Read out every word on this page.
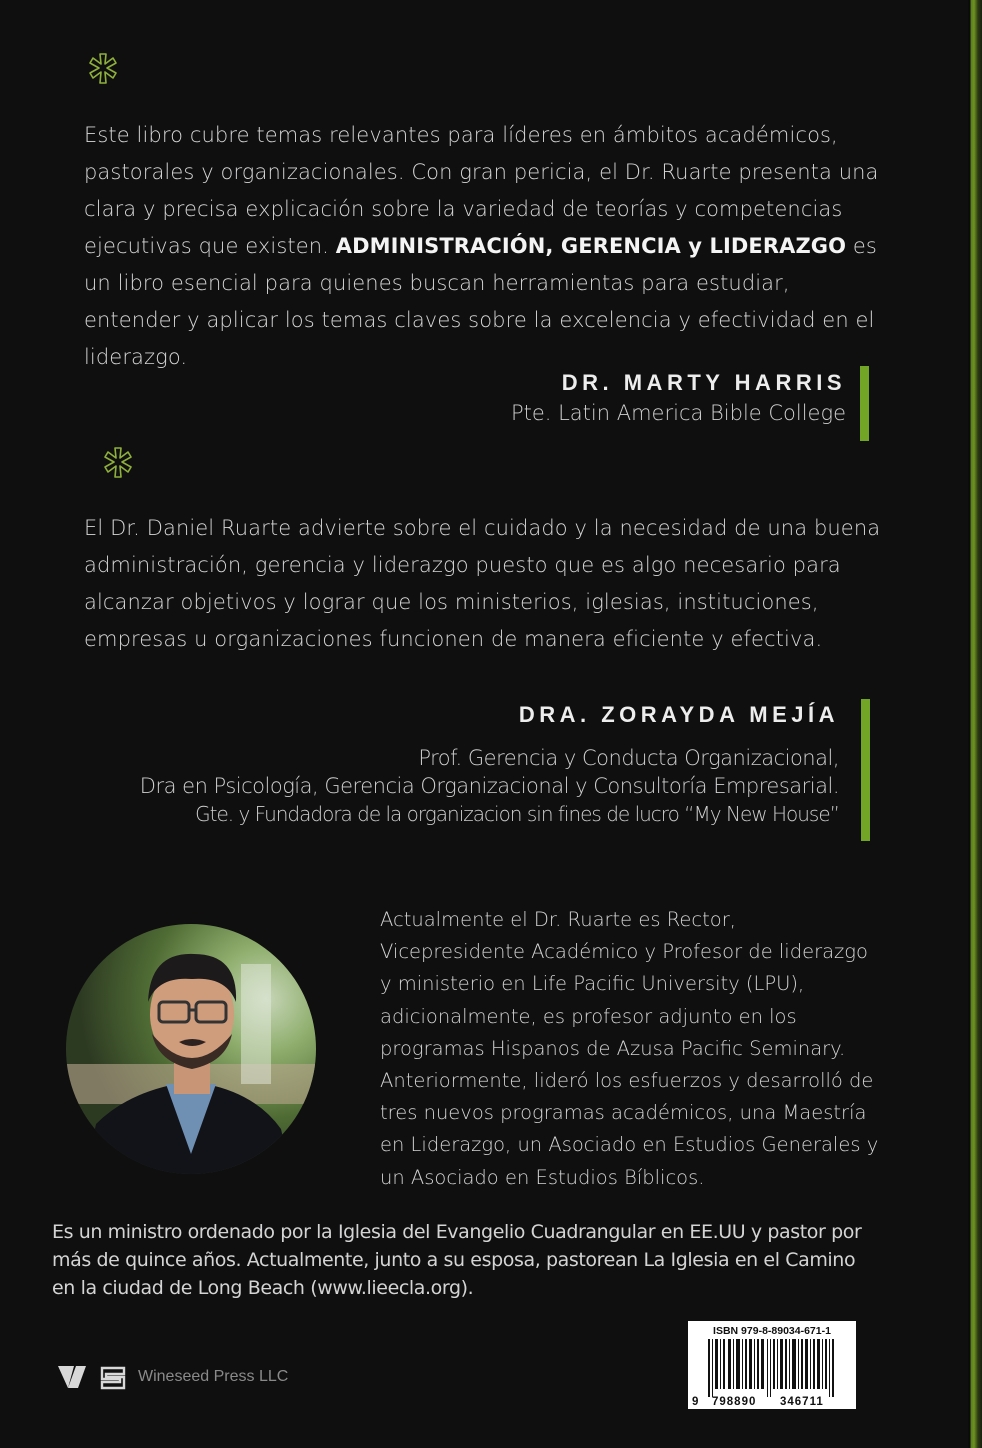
Este libro cubre temas relevantes para líderes en ámbitos académicos, pastorales y organizacionales. Con gran pericia, el Dr. Ruarte presenta una clara y precisa explicación sobre la variedad de teorías y competencias ejecutivas que existen. ADMINISTRACIÓN, GERENCIA y LIDERAZGO es un libro esencial para quienes buscan herramientas para estudiar, entender y aplicar los temas claves sobre la excelencia y efectividad en el liderazgo.

DR. MARTY HARRIS
Pte. Latin America Bible College

El Dr. Daniel Ruarte advierte sobre el cuidado y la necesidad de una buena administración, gerencia y liderazgo puesto que es algo necesario para alcanzar objetivos y lograr que los ministerios, iglesias, instituciones, empresas u organizaciones funcionen de manera eficiente y efectiva.

DRA. ZORAYDA MEJÍA
Prof. Gerencia y Conducta Organizacional,
Dra en Psicología, Gerencia Organizacional y Consultoría Empresarial.
Gte. y Fundadora de la organizacion sin fines de lucro “My New House”

Actualmente el Dr. Ruarte es Rector, Vicepresidente Académico y Profesor de liderazgo y ministerio en Life Pacific University (LPU), adicionalmente, es profesor adjunto en los programas Hispanos de Azusa Pacific Seminary. Anteriormente, lideró los esfuerzos y desarrolló de tres nuevos programas académicos, una Maestría en Liderazgo, un Asociado en Estudios Generales y un Asociado en Estudios Bíblicos.

Es un ministro ordenado por la Iglesia del Evangelio Cuadrangular en EE.UU y pastor por más de quince años. Actualmente, junto a su esposa, pastorean La Iglesia en el Camino en la ciudad de Long Beach (www.lieecla.org).

Wineseed Press LLC
ISBN 979-8-89034-671-1
9 798890 346711
